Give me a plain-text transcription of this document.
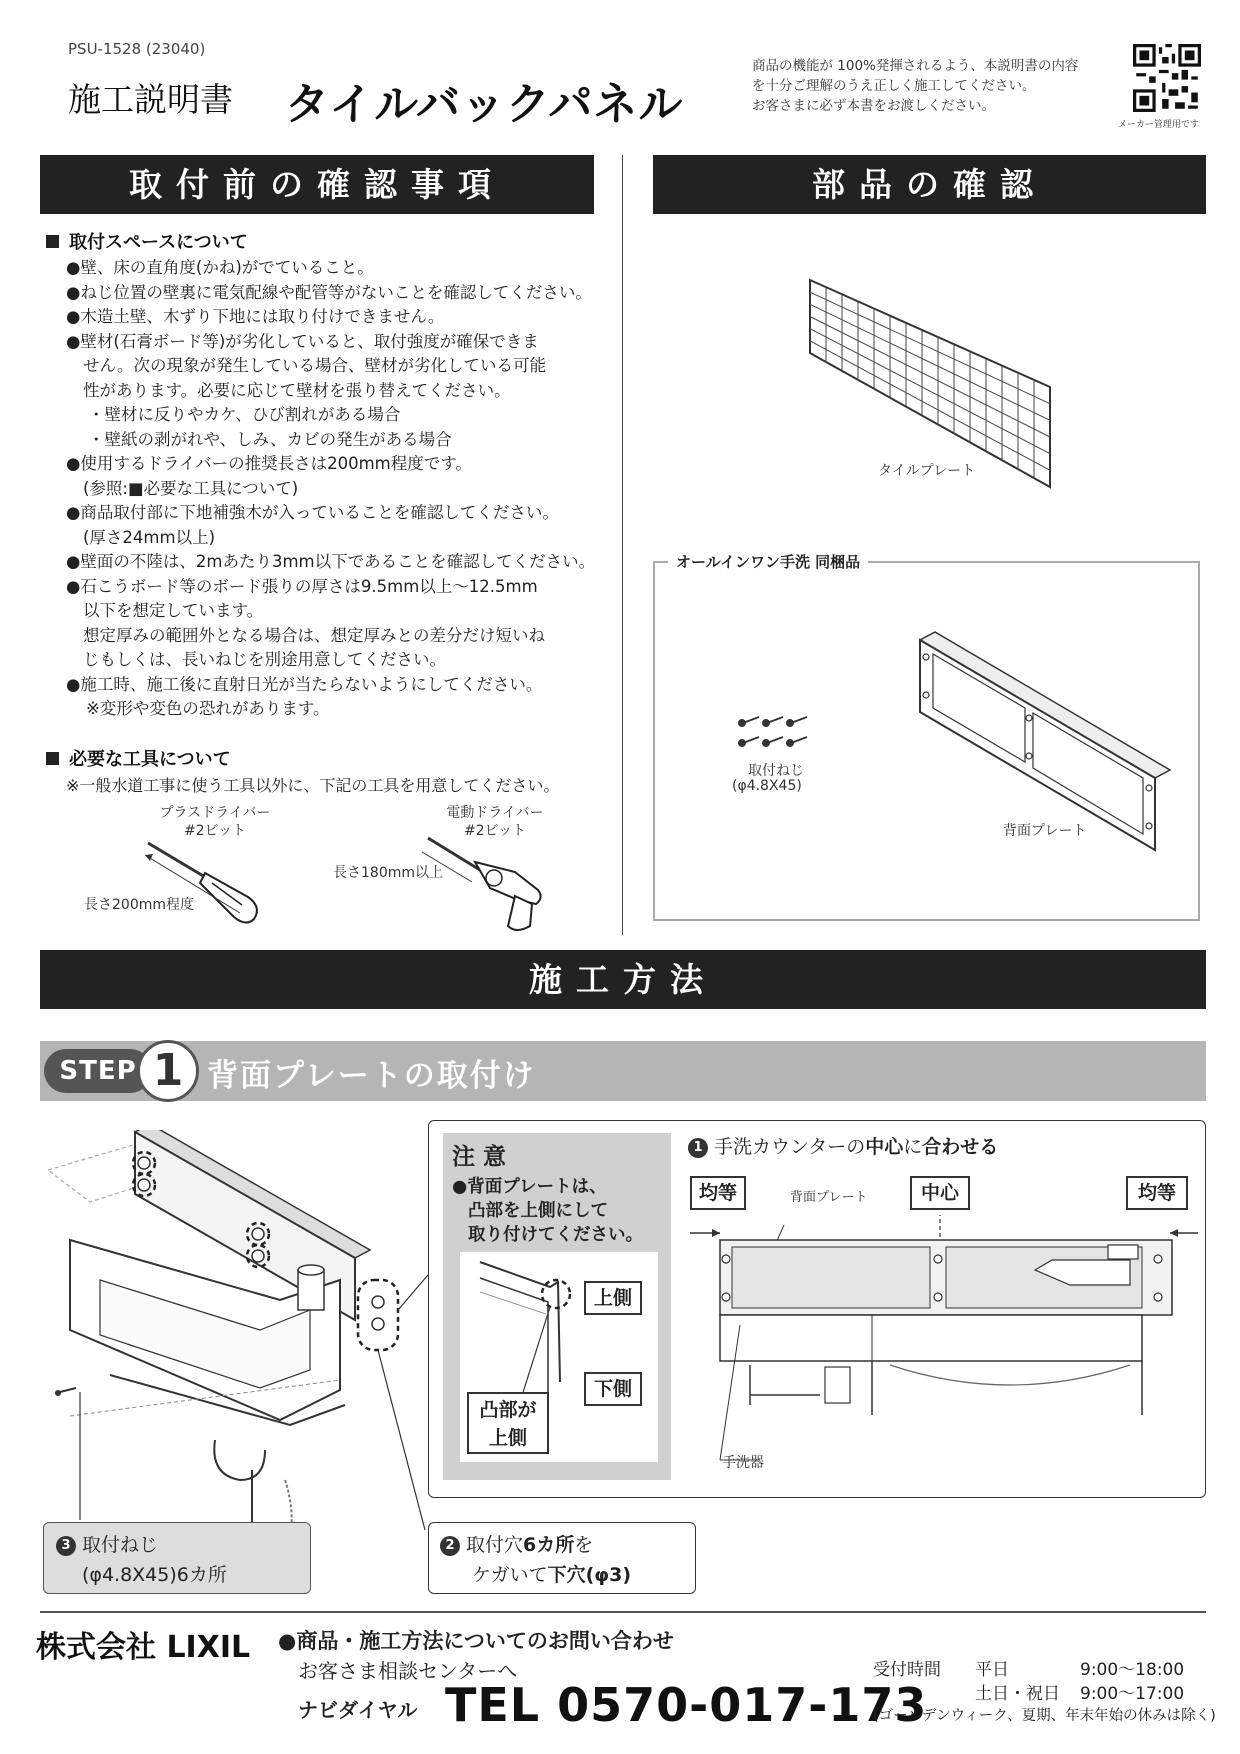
PSU-1528 (23040)
施工説明書 タイルバックパネル
商品の機能が 100%発揮されるよう、本説明書の内容
を十分ご理解のうえ正しく施工してください。
お客さまに必ず本書をお渡しください。
メーカー管理用です
取付前の確認事項	部品の確認
取付スペースについて
●壁、床の直角度(かね)がでていること。
●ねじ位置の壁裏に電気配線や配管等がないことを確認してください。
●木造土壁、木ずり下地には取り付けできません。
●壁材(石膏ボード等)が劣化していると、取付強度が確保できま
せん。次の現象が発生している場合、壁材が劣化している可能
性があります。必要に応じて壁材を張り替えてください。
・壁材に反りやカケ、ひび割れがある場合
・壁紙の剥がれや、しみ、カビの発生がある場合
●使用するドライバーの推奨長さは200mm程度です。
(参照:■必要な工具について)
●商品取付部に下地補強木が入っていることを確認してください。
(厚さ24mm以上)
●壁面の不陸は、2mあたり3mm以下であることを確認してください。
●石こうボード等のボード張りの厚さは9.5mm以上〜12.5mm
以下を想定しています。
想定厚みの範囲外となる場合は、想定厚みとの差分だけ短いね
じもしくは、長いねじを別途用意してください。
●施工時、施工後に直射日光が当たらないようにしてください。
※変形や変色の恐れがあります。
必要な工具について
※一般水道工事に使う工具以外に、下記の工具を用意してください。
プラスドライバー
#2ビット
電動ドライバー
#2ビット
長さ200mm程度
長さ180mm以上
タイルプレート
オールインワン手洗 同梱品
取付ねじ
(φ4.8X45)
背面プレート
施工方法
STEP 1 背面プレートの取付け
注 意
●背面プレートは、
凸部を上側にして
取り付けてください。
上側
下側
凸部が
上側
1 手洗カウンターの中心に合わせる
均等	中心	均等
背面プレート
手洗器
3 取付ねじ
(φ4.8X45)6カ所
2 取付穴6カ所を
ケガいて下穴(φ3)
株式会社 LIXIL ●商品・施工方法についてのお問い合わせ
お客さま相談センターへ
ナビダイヤル TEL 0570-017-173
受付時間 平日	9:00〜18:00
土日・祝日 9:00〜17:00
(ゴールデンウィーク、夏期、年末年始の休みは除く)
